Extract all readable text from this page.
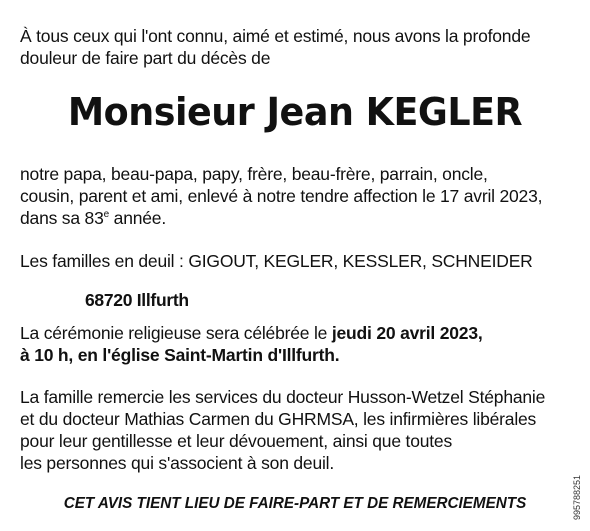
À tous ceux qui l'ont connu, aimé et estimé, nous avons la profonde
douleur de faire part du décès de
Monsieur Jean KEGLER
notre papa, beau-papa, papy, frère, beau-frère, parrain, oncle,
cousin, parent et ami, enlevé à notre tendre affection le 17 avril 2023,
dans sa 83e année.
Les familles en deuil : GIGOUT, KEGLER, KESSLER, SCHNEIDER
68720 Illfurth
La cérémonie religieuse sera célébrée le jeudi 20 avril 2023,
à 10 h, en l'église Saint-Martin d'Illfurth.
La famille remercie les services du docteur Husson-Wetzel Stéphanie
et du docteur Mathias Carmen du GHRMSA, les infirmières libérales
pour leur gentillesse et leur dévouement, ainsi que toutes
les personnes qui s'associent à son deuil.
CET AVIS TIENT LIEU DE FAIRE-PART ET DE REMERCIEMENTS	995788251
